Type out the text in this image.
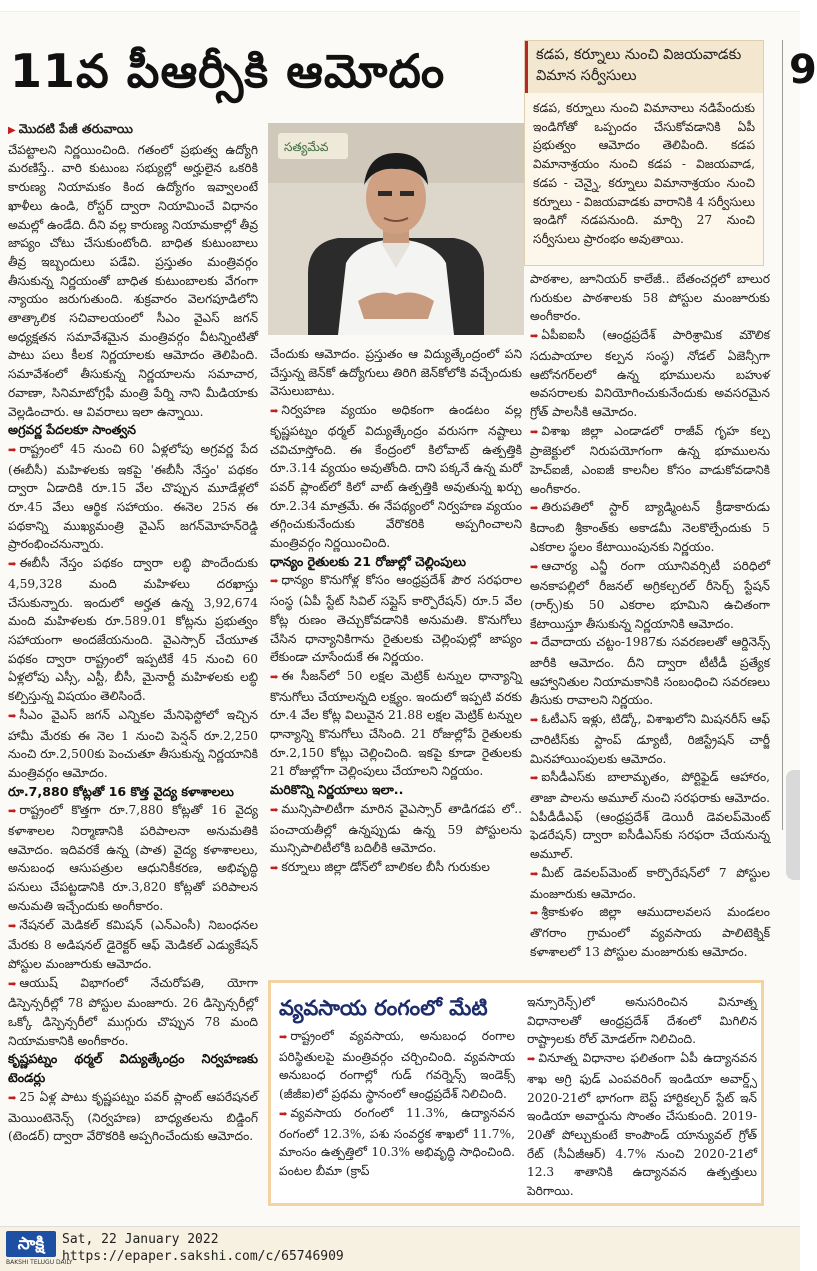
11వ పీఆర్సీకి ఆమోదం

▶ మొదటి పేజీ తరువాయి

చేపట్టాలని నిర్ణయించింది. గతంలో ప్రభుత్వ ఉద్యోగి మరణిస్తే.. వారి కుటుంబ సభ్యుల్లో అర్హులైన ఒకరికి కారుణ్య నియామకం కింద ఉద్యోగం ఇవ్వాలంటే ఖాళీలు ఉండి, రోస్టర్ ద్వారా నియామించే విధానం అమల్లో ఉండేది. దీని వల్ల కారుణ్య నియామకాల్లో తీవ్ర జాప్యం చోటు చేసుకుంటోంది. బాధిత కుటుంబాలు తీవ్ర ఇబ్బందులు పడేవి. ప్రస్తుతం మంత్రివర్గం తీసుకున్న నిర్ణయంతో బాధిత కుటుంబాలకు వేగంగా న్యాయం జరుగుతుంది. శుక్రవారం వెలగపూడిలోని తాత్కాలిక సచివాలయంలో సీఎం వైఎస్ జగన్ అధ్యక్షతన సమావేశమైన మంత్రివర్గం వీటన్నింటితో పాటు పలు కీలక నిర్ణయాలకు ఆమోదం తెలిపింది. సమావేశంలో తీసుకున్న నిర్ణయాలను సమాచార, రవాణా, సినిమాటోగ్రఫీ మంత్రి పేర్ని నాని మీడియాకు వెల్లడించారు. ఆ వివరాలు ఇలా ఉన్నాయి.

అగ్రవర్ణ పేదలకూ సాంత్వన

➡ రాష్ట్రంలో 45 నుంచి 60 ఏళ్లలోపు అగ్రవర్ణ పేద (ఈబీసీ) మహిళలకు ఇకపై 'ఈబీసీ నేస్తం' పథకం ద్వారా ఏడాదికి రూ.15 వేల చొప్పున మూడేళ్లలో రూ.45 వేలు ఆర్థిక సహాయం. ఈనెల 25న ఈ పథకాన్ని ముఖ్యమంత్రి వైఎస్ జగన్‌మోహన్‌రెడ్డి ప్రారంభించనున్నారు.

➡ ఈబీసీ నేస్తం పథకం ద్వారా లబ్ధి పొందేందుకు 4,59,328 మంది మహిళలు దరఖాస్తు చేసుకున్నారు. ఇందులో అర్హత ఉన్న 3,92,674 మంది మహిళలకు రూ.589.01 కోట్లను ప్రభుత్వం సహాయంగా అందజేయనుంది. వైఎస్సార్ చేయూత పథకం ద్వారా రాష్ట్రంలో ఇప్పటికే 45 నుంచి 60 ఏళ్లలోపు ఎస్సీ, ఎస్టీ, బీసీ, మైనార్టీ మహిళలకు లబ్ధి కల్పిస్తున్న విషయం తెలిసిందే.

➡ సీఎం వైఎస్ జగన్ ఎన్నికల మేనిఫెస్టోలో ఇచ్చిన హామీ మేరకు ఈ నెల 1 నుంచి పెన్షన్ రూ.2,250 నుంచి రూ.2,500కు పెంచుతూ తీసుకున్న నిర్ణయానికి మంత్రివర్గం ఆమోదం.

రూ.7,880 కోట్లతో 16 కొత్త వైద్య కళాశాలలు

➡ రాష్ట్రంలో కొత్తగా రూ.7,880 కోట్లతో 16 వైద్య కళాశాలల నిర్మాణానికి పరిపాలనా అనుమతికి ఆమోదం. ఇదివరకే ఉన్న (పాత) వైద్య కళాశాలలు, అనుబంధ ఆసుపత్రుల ఆధునికీకరణ, అభివృద్ధి పనులు చేపట్టడానికి రూ.3,820 కోట్లతో పరిపాలన అనుమతి ఇచ్చేందుకు అంగీకారం.

➡ నేషనల్ మెడికల్ కమిషన్ (ఎన్‌ఎంసీ) నిబంధనల మేరకు 8 అడిషనల్ డైరెక్టర్ ఆఫ్ మెడికల్ ఎడ్యుకేషన్ పోస్టుల మంజూరుకు ఆమోదం.

➡ ఆయుష్ విభాగంలో నేచురోపతి, యోగా డిస్పెన్సరీల్లో 78 పోస్టుల మంజూరు. 26 డిస్పెన్సరీల్లో ఒక్కో డిస్పెన్సరీలో ముగ్గురు చొప్పున 78 మంది నియామకానికి అంగీకారం.

కృష్ణపట్నం థర్మల్ విద్యుత్కేంద్రం నిర్వహణకు టెండర్లు

➡ 25 ఏళ్ల పాటు కృష్ణపట్నం పవర్ ప్లాంట్ ఆపరేషనల్ మెయింటెనెన్స్ (నిర్వహణ) బాధ్యతలను బిడ్డింగ్ (టెండర్) ద్వారా వేరొకరికి అప్పగించేందుకు ఆమోదం.

సత్యమేవ
కడప, కర్నూలు నుంచి విజయవాడకు విమాన సర్వీసులు
కడప, కర్నూలు నుంచి విమానాలు నడిపేందుకు ఇండిగోతో ఒప్పందం చేసుకోవడానికి ఏపీ ప్రభుత్వం ఆమోదం తెలిపింది. కడప విమానాశ్రయం నుంచి కడప - విజయవాడ, కడప - చెన్నై, కర్నూలు విమానాశ్రయం నుంచి కర్నూలు - విజయవాడకు వారానికి 4 సర్వీసులు ఇండిగో నడపనుంది. మార్చి 27 నుంచి సర్వీసులు ప్రారంభం అవుతాయి.

చేందుకు ఆమోదం. ప్రస్తుతం ఆ విద్యుత్కేంద్రంలో పని చేస్తున్న జెన్‌కో ఉద్యోగులు తిరిగి జెన్‌కోలోకి వచ్చేందుకు వెసులుబాటు.

➡ నిర్వహణ వ్యయం అధికంగా ఉండటం వల్ల కృష్ణపట్నం థర్మల్ విద్యుత్కేంద్రం వరుసగా నష్టాలు చవిచూస్తోంది. ఈ కేంద్రంలో కిలోవాట్ ఉత్పత్తికి రూ.3.14 వ్యయం అవుతోంది. దాని పక్కనే ఉన్న మరో పవర్ ప్లాంట్‌లో కిలో వాట్ ఉత్పత్తికి అవుతున్న ఖర్చు రూ.2.34 మాత్రమే. ఈ నేపథ్యంలో నిర్వహణ వ్యయం తగ్గించుకునేందుకు వేరొకరికి అప్పగించాలని మంత్రివర్గం నిర్ణయించింది.

ధాన్యం రైతులకు 21 రోజుల్లో చెల్లింపులు

➡ ధాన్యం కొనుగోళ్ల కోసం ఆంధ్రప్రదేశ్ పౌర సరఫరాల సంస్థ (ఏపీ స్టేట్ సివిల్ సప్లైస్ కార్పొరేషన్) రూ.5 వేల కోట్ల రుణం తెచ్చుకోవడానికి అనుమతి. కొనుగోలు చేసిన ధాన్యానికిగాను రైతులకు చెల్లింపుల్లో జాప్యం లేకుండా చూసేందుకే ఈ నిర్ణయం.

➡ ఈ సీజన్‌లో 50 లక్షల మెట్రిక్ టన్నుల ధాన్యాన్ని కొనుగోలు చేయాలన్నది లక్ష్యం. ఇందులో ఇప్పటి వరకు రూ.4 వేల కోట్ల విలువైన 21.88 లక్షల మెట్రిక్ టన్నుల ధాన్యాన్ని కొనుగోలు చేసింది. 21 రోజుల్లోపే రైతులకు రూ.2,150 కోట్లు చెల్లించింది. ఇకపై కూడా రైతులకు 21 రోజుల్లోగా చెల్లింపులు చేయాలని నిర్ణయం.

మరికొన్ని నిర్ణయాలు ఇలా..

➡ మున్సిపాలిటీగా మారిన వైఎస్సార్ తాడిగడప లో.. పంచాయతీల్లో ఉన్నప్పుడు ఉన్న 59 పోస్టులను మున్సిపాలిటీలోకి బదిలీకి ఆమోదం.

➡ కర్నూలు జిల్లా డోన్‌లో బాలికల బీసీ గురుకుల

పాఠశాల, జూనియర్ కాలేజీ.. బేతంచర్లలో బాలుర గురుకుల పాఠశాలకు 58 పోస్టుల మంజూరుకు అంగీకారం.

➡ ఏపీఐఐసీ (ఆంధ్రప్రదేశ్ పారిశ్రామిక మౌలిక సదుపాయాల కల్పన సంస్థ) నోడల్ ఏజెన్సీగా ఆటోనగర్‌లలో ఉన్న భూములను బహుళ అవసరాలకు వినియోగించుకునేందుకు అవసరమైన గ్రోత్ పాలసీకి ఆమోదం.

➡ విశాఖ జిల్లా ఎండాడలో రాజీవ్ గృహ కల్ప ప్రాజెక్టులో నిరుపయోగంగా ఉన్న భూములను హెచ్‌ఐజీ, ఎంఐజీ కాలనీల కోసం వాడుకోవడానికి అంగీకారం.

➡ తిరుపతిలో స్టార్ బ్యాడ్మింటన్ క్రీడాకారుడు కిదాంబి శ్రీకాంత్‌కు అకాడమీ నెలకొల్పేందుకు 5 ఎకరాల స్థలం కేటాయింపునకు నిర్ణయం.

➡ ఆచార్య ఎన్జీ రంగా యూనివర్సిటీ పరిధిలో అనకాపల్లిలో రీజనల్ అగ్రికల్చరల్ రీసెర్చ్ స్టేషన్ (రార్స్)కు 50 ఎకరాల భూమిని ఉచితంగా కేటాయిస్తూ తీసుకున్న నిర్ణయానికి ఆమోదం.

➡ దేవాదాయ చట్టం-1987కు సవరణలతో ఆర్డినెన్స్ జారీకి ఆమోదం. దీని ద్వారా టీటీడీ ప్రత్యేక ఆహ్వానితుల నియామకానికి సంబంధించి సవరణలు తీసుకు రావాలని నిర్ణయం.

➡ ఓటీఎస్ ఇళ్లు, టిడ్కో, విశాఖలోని మిషనరీస్ ఆఫ్ చారిటీస్‌కు స్టాంప్ డ్యూటీ, రిజిస్ట్రేషన్ చార్జీ మినహాయింపులకు ఆమోదం.

➡ ఐసీడీఎస్‌కు బాలామృతం, పోర్టిఫైడ్ ఆహారం, తాజా పాలను అమూల్ నుంచి సరఫరాకు ఆమోదం. ఏపీడీడీఎఫ్ (ఆంధ్రప్రదేశ్ డెయిరీ డెవలప్‌మెంట్ ఫెడరేషన్) ద్వారా ఐసీడీఎస్‌కు సరఫరా చేయనున్న అమూల్.

➡ మీట్ డెవలప్‌మెంట్ కార్పొరేషన్‌లో 7 పోస్టుల మంజూరుకు ఆమోదం.

➡ శ్రీకాకుళం జిల్లా ఆముదాలవలస మండలం తొగరాం గ్రామంలో వ్యవసాయ పాలిటెక్నిక్ కళాశాలలో 13 పోస్టుల మంజూరుకు ఆమోదం.

వ్యవసాయ రంగంలో మేటి

➡ రాష్ట్రంలో వ్యవసాయ, అనుబంధ రంగాల పరిస్థితులపై మంత్రివర్గం చర్చించింది. వ్యవసాయ అనుబంధ రంగాల్లో గుడ్ గవర్నెన్స్ ఇండెక్స్ (జీజీఐ)లో ప్రథమ స్థానంలో ఆంధ్రప్రదేశ్ నిలిచింది.

➡ వ్యవసాయ రంగంలో 11.3%, ఉద్యానవన రంగంలో 12.3%, పశు సంవర్ధక శాఖలో 11.7%, మాంసం ఉత్పత్తిలో 10.3% అభివృద్ధి సాధించింది. పంటల బీమా (క్రాప్

ఇన్సూరెన్స్)లో అనుసరించిన వినూత్న విధానాలతో ఆంధ్రప్రదేశ్ దేశంలో మిగిలిన రాష్ట్రాలకు రోల్ మోడల్‌గా నిలిచింది.

➡ వినూత్న విధానాల ఫలితంగా ఏపీ ఉద్యానవన శాఖ అగ్రి ఫుడ్ ఎంపవరింగ్ ఇండియా అవార్డ్స్ 2020-21లో భాగంగా బెస్ట్ హార్టికల్చర్ స్టేట్ ఇన్ ఇండియా అవార్డును సొంతం చేసుకుంది. 2019-20తో పోల్చుకుంటే కాంపౌండ్ యాన్యువల్ గ్రోత్ రేట్ (సీఏజీఆర్) 4.7% నుంచి 2020-21లో 12.3 శాతానికి ఉద్యానవన ఉత్పత్తులు పెరిగాయి.

9
సాక్షి
BAKSHI TELUGU DAILY
Sat, 22 January 2022
https://epaper.sakshi.com/c/65746909
